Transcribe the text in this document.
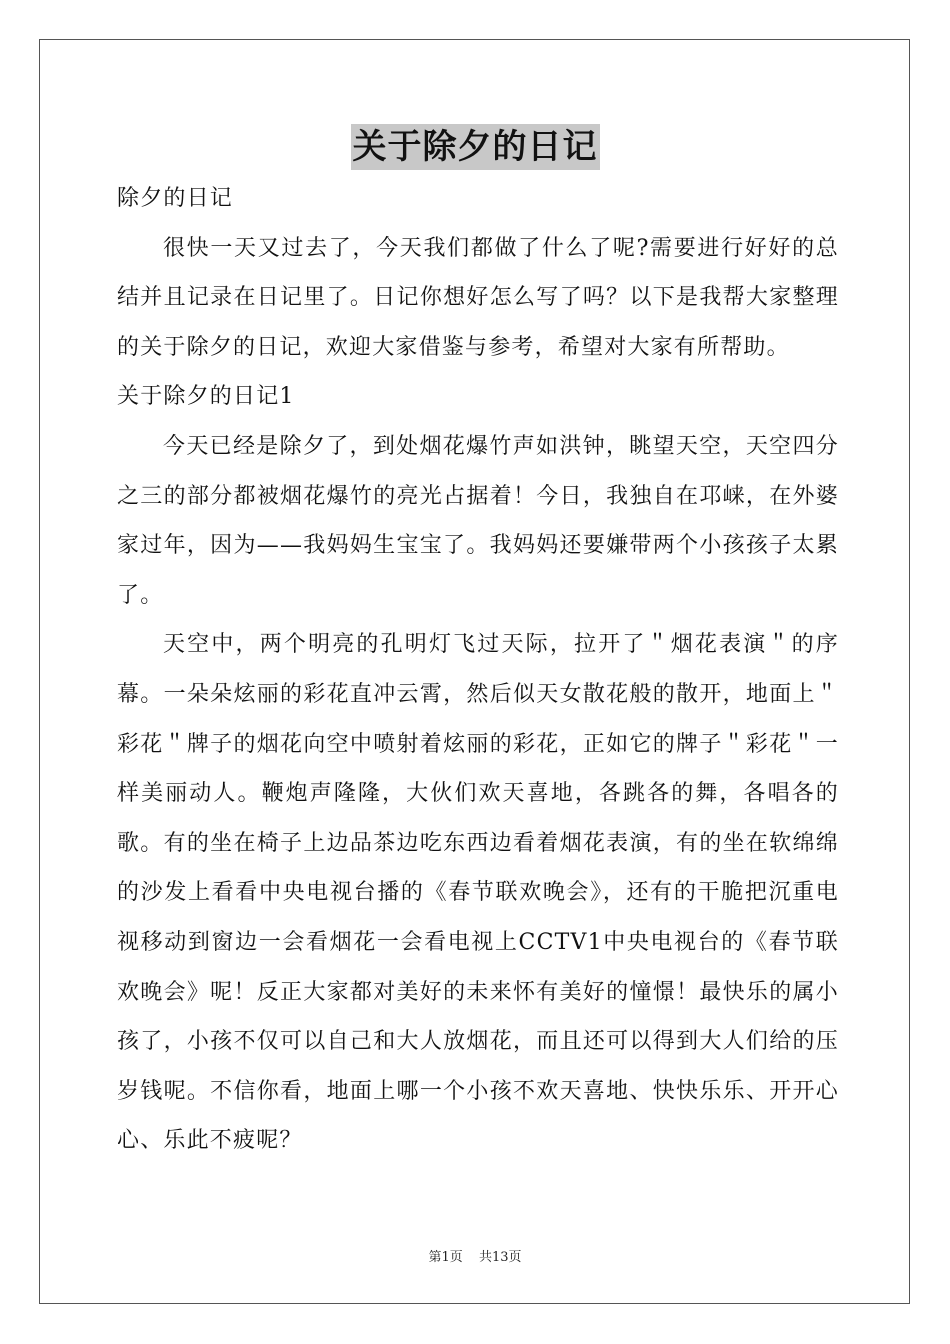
关于除夕的日记

除夕的日记

很快一天又过去了，今天我们都做了什么了呢?需要进行好好的总结并且记录在日记里了。日记你想好怎么写了吗？以下是我帮大家整理的关于除夕的日记，欢迎大家借鉴与参考，希望对大家有所帮助。

关于除夕的日记1

今天已经是除夕了，到处烟花爆竹声如洪钟，眺望天空，天空四分之三的部分都被烟花爆竹的亮光占据着！今日，我独自在邛崃，在外婆家过年，因为——我妈妈生宝宝了。我妈妈还要嫌带两个小孩孩子太累了。

天空中，两个明亮的孔明灯飞过天际，拉开了＂烟花表演＂的序幕。一朵朵炫丽的彩花直冲云霄，然后似天女散花般的散开，地面上＂彩花＂牌子的烟花向空中喷射着炫丽的彩花，正如它的牌子＂彩花＂一样美丽动人。鞭炮声隆隆，大伙们欢天喜地，各跳各的舞，各唱各的歌。有的坐在椅子上边品茶边吃东西边看着烟花表演，有的坐在软绵绵的沙发上看看中央电视台播的《春节联欢晚会》，还有的干脆把沉重电视移动到窗边一会看烟花一会看电视上CCTV1中央电视台的《春节联欢晚会》呢！反正大家都对美好的未来怀有美好的憧憬！最快乐的属小孩了，小孩不仅可以自己和大人放烟花，而且还可以得到大人们给的压岁钱呢。不信你看，地面上哪一个小孩不欢天喜地、快快乐乐、开开心心、乐此不疲呢？

第1页 共13页
